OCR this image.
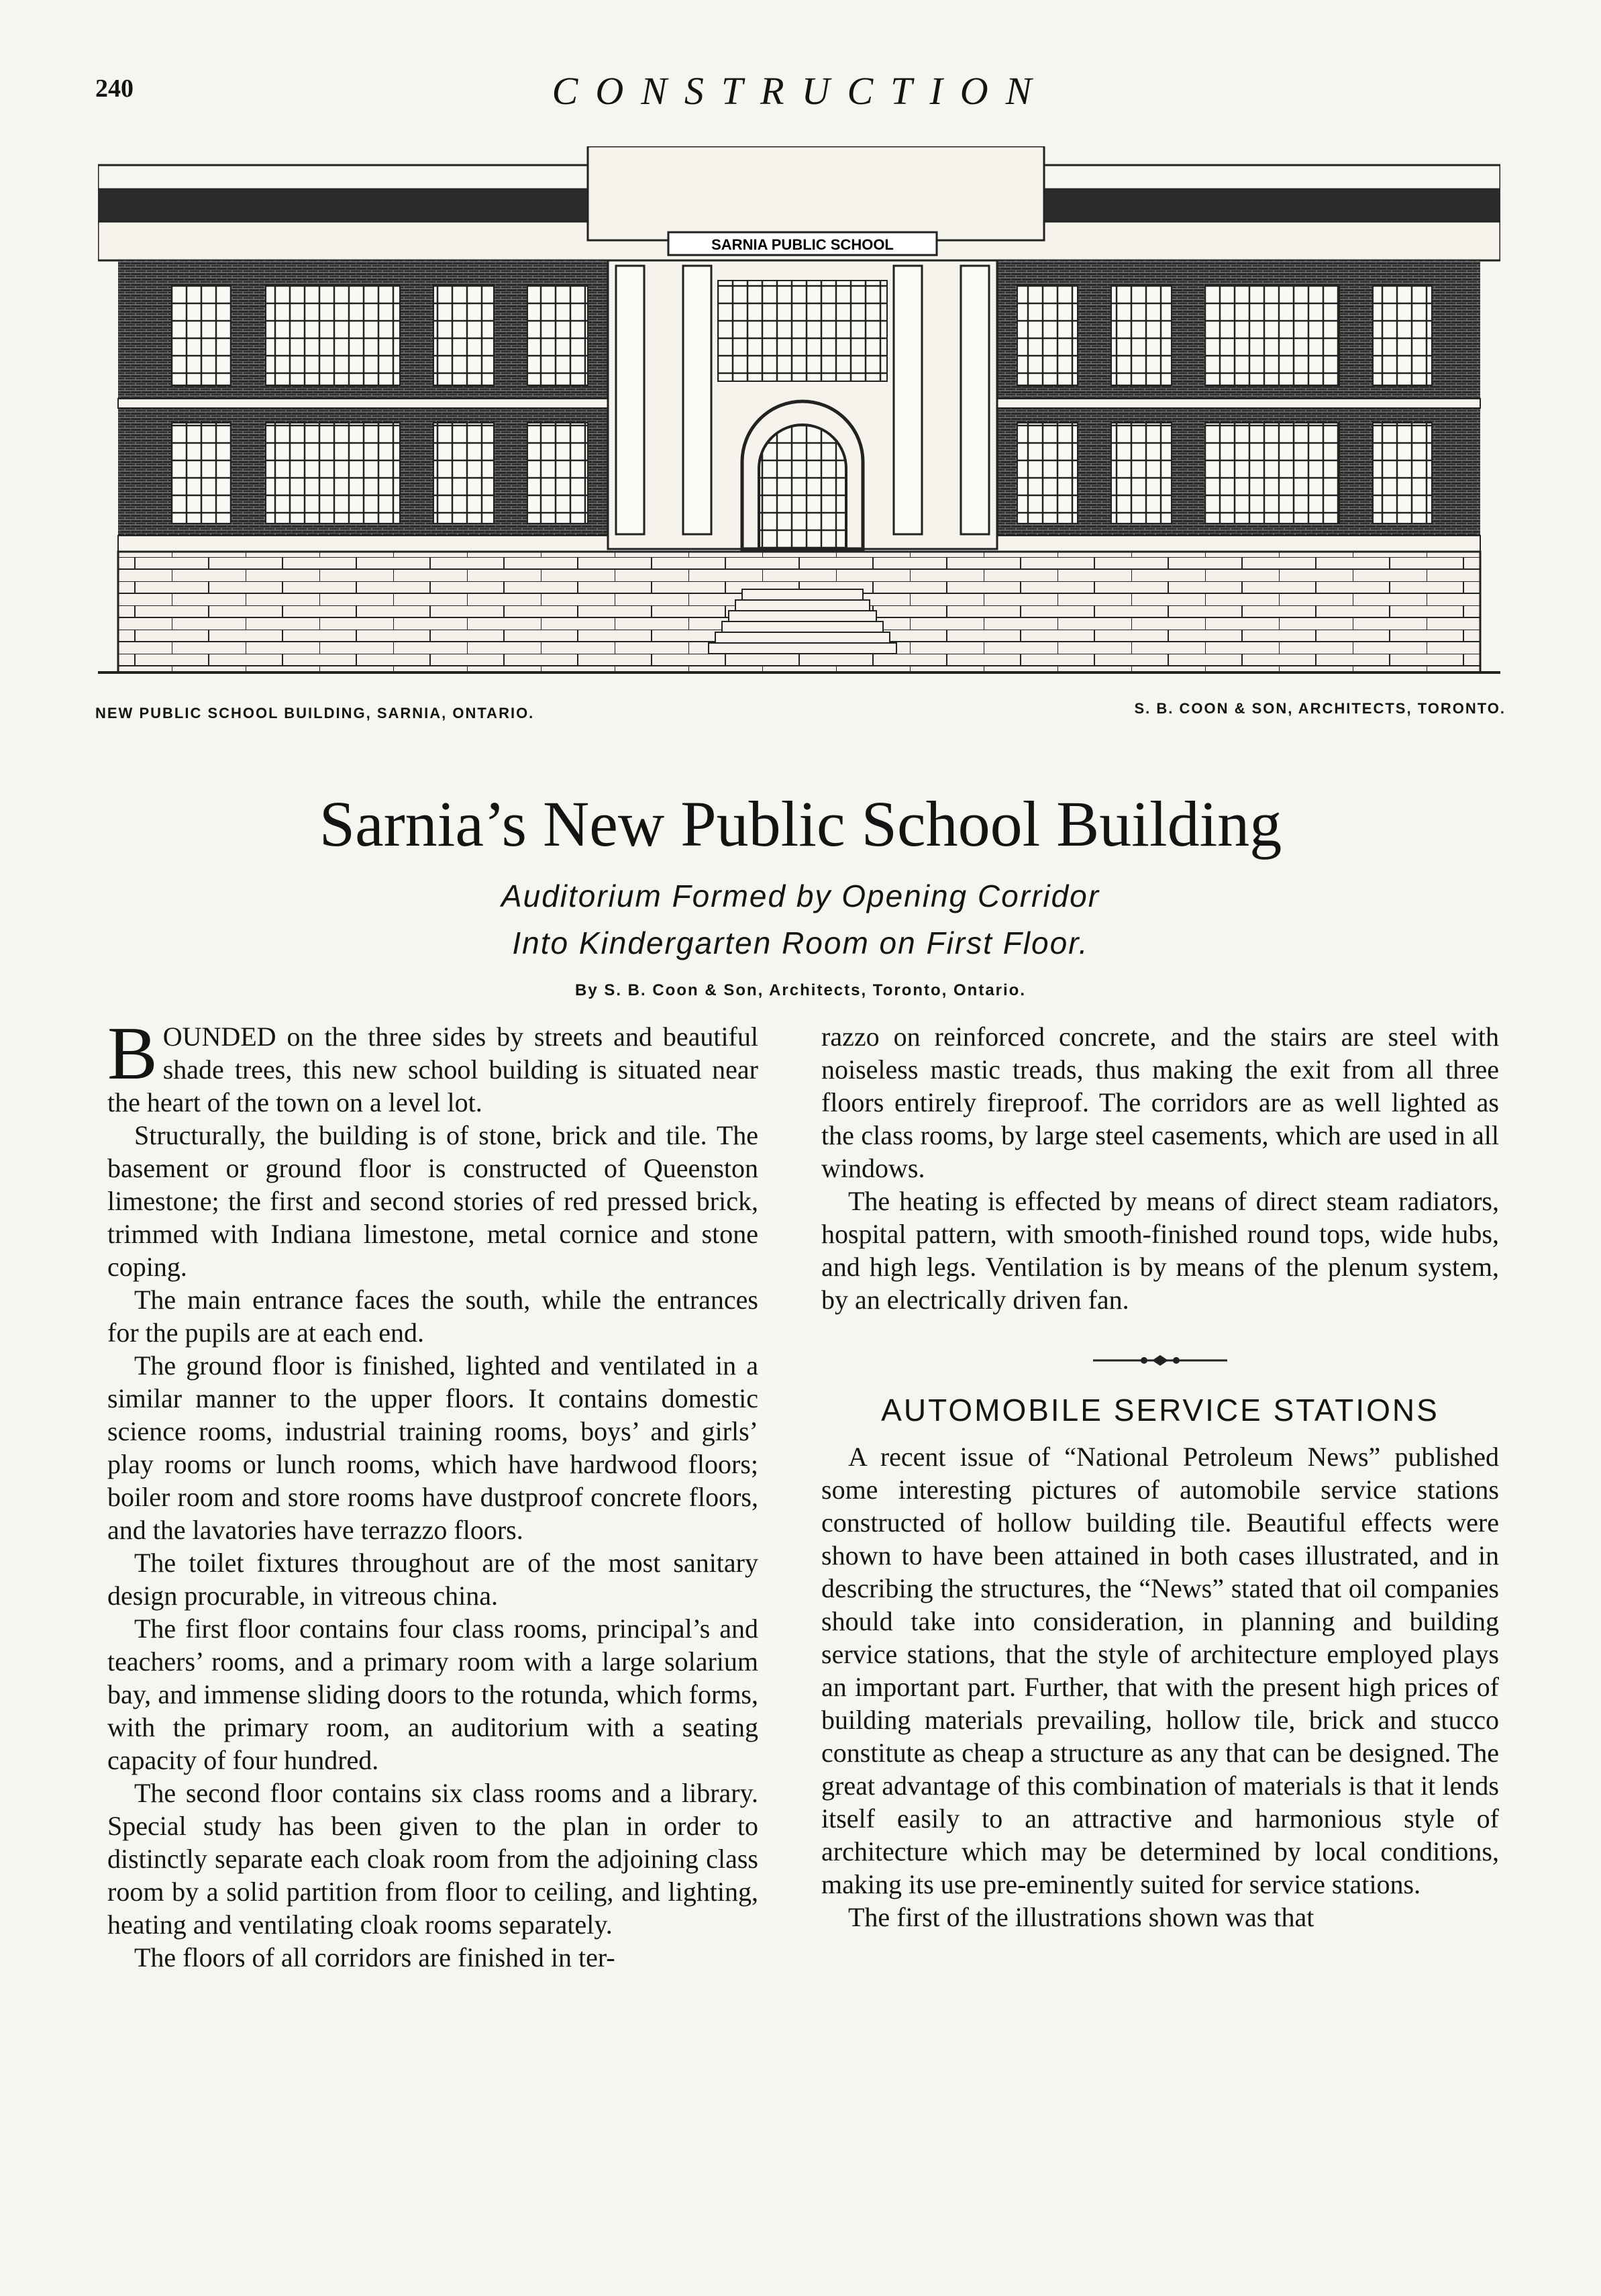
240	CONSTRUCTION
SARNIA PUBLIC SCHOOL
NEW PUBLIC SCHOOL BUILDING, SARNIA, ONTARIO.	S. B. COON & SON, ARCHITECTS, TORONTO.
Sarnia’s New Public School Building
Auditorium Formed by Opening Corridor
Into Kindergarten Room on First Floor.
By S. B. Coon & Son, Architects, Toronto, Ontario.

BOUNDED on the three sides by streets and beautiful shade trees, this new school building is situated near the heart of the town on a level lot.

Structurally, the building is of stone, brick and tile. The basement or ground floor is constructed of Queenston limestone; the first and second stories of red pressed brick, trimmed with Indiana limestone, metal cornice and stone coping.

The main entrance faces the south, while the entrances for the pupils are at each end.

The ground floor is finished, lighted and ventilated in a similar manner to the upper floors. It contains domestic science rooms, industrial training rooms, boys’ and girls’ play rooms or lunch rooms, which have hardwood floors; boiler room and store rooms have dustproof concrete floors, and the lavatories have terrazzo floors.

The toilet fixtures throughout are of the most sanitary design procurable, in vitreous china.

The first floor contains four class rooms, principal’s and teachers’ rooms, and a primary room with a large solarium bay, and immense sliding doors to the rotunda, which forms, with the primary room, an auditorium with a seating capacity of four hundred.

The second floor contains six class rooms and a library. Special study has been given to the plan in order to distinctly separate each cloak room from the adjoining class room by a solid partition from floor to ceiling, and lighting, heating and ventilating cloak rooms separately.

The floors of all corridors are finished in ter-

razzo on reinforced concrete, and the stairs are steel with noiseless mastic treads, thus making the exit from all three floors entirely fireproof. The corridors are as well lighted as the class rooms, by large steel casements, which are used in all windows.

The heating is effected by means of direct steam radiators, hospital pattern, with smooth-finished round tops, wide hubs, and high legs. Ventilation is by means of the plenum system, by an electrically driven fan.

AUTOMOBILE SERVICE STATIONS

A recent issue of “National Petroleum News” published some interesting pictures of automobile service stations constructed of hollow building tile. Beautiful effects were shown to have been attained in both cases illustrated, and in describing the structures, the “News” stated that oil companies should take into consideration, in planning and building service stations, that the style of architecture employed plays an important part. Further, that with the present high prices of building materials prevailing, hollow tile, brick and stucco constitute as cheap a structure as any that can be designed. The great advantage of this combination of materials is that it lends itself easily to an attractive and harmonious style of architecture which may be determined by local conditions, making its use pre-eminently suited for service stations.

The first of the illustrations shown was that
